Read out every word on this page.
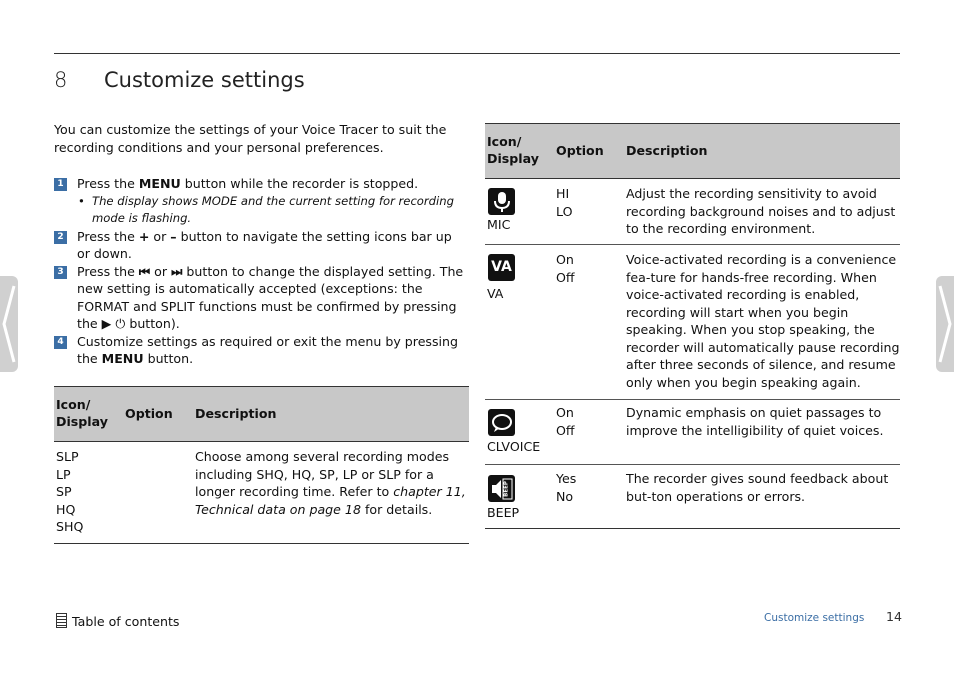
8 Customize settings
You can customize the settings of your Voice Tracer to suit the recording conditions and your personal preferences.
1 Press the MENU button while the recorder is stopped.
• The display shows MODE and the current setting for recording mode is flashing.
2 Press the + or – button to navigate the setting icons bar up or down.
3 Press the ⏮ or ⏭ button to change the displayed setting. The new setting is automatically accepted (exceptions: the FORMAT and SPLIT functions must be confirmed by pressing the ▶ ⏻ button).
4 Customize settings as required or exit the menu by pressing the MENU button.
Icon/ Display
Option Description
SLP
LP
SP
HQ
SHQ
Choose among several recording modes including SHQ, HQ, SP, LP or SLP for a longer recording time. Refer to chapter 11, Technical data on page 18 for details.
Icon/ Display
Option Description
MIC
HI
LO
Adjust the recording sensitivity to avoid recording background noises and to adjust to the recording environment.
VA
VA
On
Off
Voice-activated recording is a convenience fea-ture for hands-free recording. When voice-activated recording is enabled, recording will start when you begin speaking. When you stop speaking, the recorder will automatically pause recording after three seconds of silence, and resume only when you begin speaking again.
CLVOICE
On
Off
Dynamic emphasis on quiet passages to improve the intelligibility of quiet voices.
BEEP
BEEP
Yes
No
The recorder gives sound feedback about but-ton operations or errors.
Table of contents	Customize settings 14
